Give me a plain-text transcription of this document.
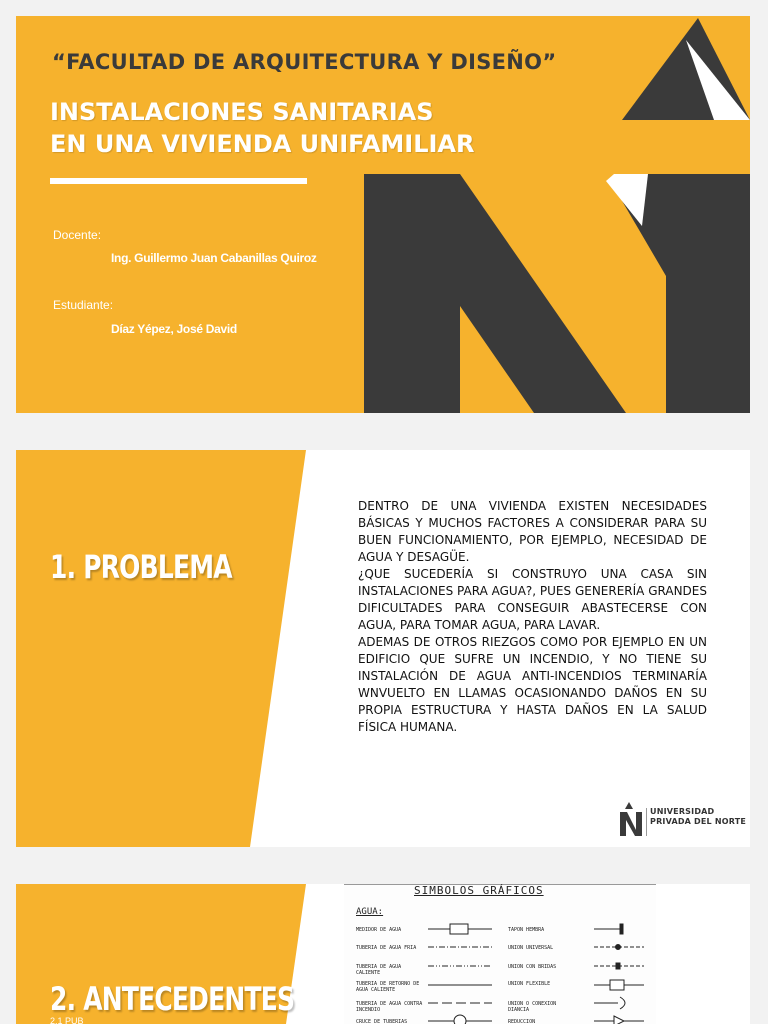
“FACULTAD DE ARQUITECTURA Y DISEÑO”
INSTALACIONES SANITARIAS
EN UNA VIVIENDA UNIFAMILIAR
Docente:
Ing. Guillermo Juan Cabanillas Quiroz
Estudiante:
Díaz Yépez, José David
1. PROBLEMA

DENTRO DE UNA VIVIENDA EXISTEN NECESIDADES BÁSICAS Y MUCHOS FACTORES A CONSIDERAR PARA SU BUEN FUNCIONAMIENTO, POR EJEMPLO, NECESIDAD DE AGUA Y DESAGÜE.

¿QUE SUCEDERÍA SI CONSTRUYO UNA CASA SIN INSTALACIONES PARA AGUA?, PUES GENERERÍA GRANDES DIFICULTADES PARA CONSEGUIR ABASTECERSE CON AGUA, PARA TOMAR AGUA, PARA LAVAR.

ADEMAS DE OTROS RIEZGOS COMO POR EJEMPLO EN UN EDIFICIO QUE SUFRE UN INCENDIO, Y NO TIENE SU INSTALACIÓN DE AGUA ANTI-INCENDIOS TERMINARÍA WNVUELTO EN LLAMAS OCASIONANDO DAÑOS EN SU PROPIA ESTRUCTURA Y HASTA DAÑOS EN LA SALUD FÍSICA HUMANA.

UNIVERSIDAD
PRIVADA DEL NORTE
2. ANTECEDENTES
2.1 PUB
SIMBOLOS GRÁFICOS
AGUA:
MEDIDOR DE AGUA
TUBERIA DE AGUA FRIA
TUBERIA DE AGUA CALIENTE
TUBERIA DE RETORNO DE AGUA CALIENTE
TUBERIA DE AGUA CONTRA INCENDIO
CRUCE DE TUBERIAS
TAPON HEMBRA
UNION UNIVERSAL
UNION CON BRIDAS
UNION FLEXIBLE
UNION O CONEXION DIANCIA
REDUCCION
